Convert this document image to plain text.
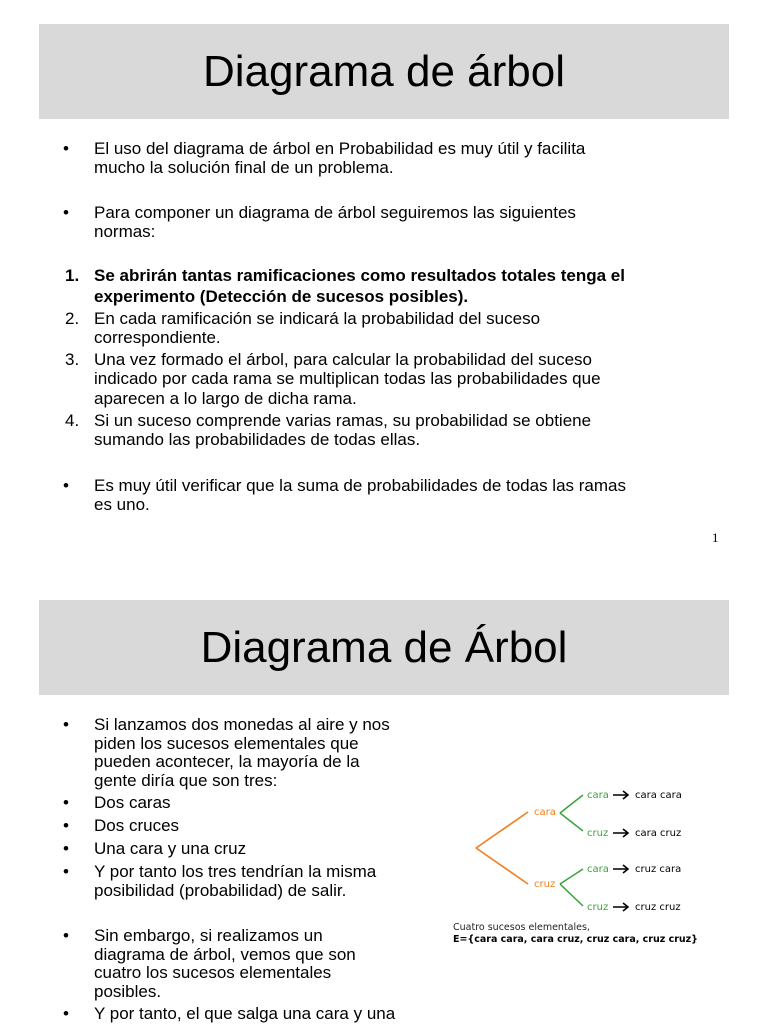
Diagrama de árbol
• El uso del diagrama de árbol en Probabilidad es muy útil y facilita
mucho la solución final de un problema.
• Para componer un diagrama de árbol seguiremos las siguientes
normas:
1. Se abrirán tantas ramificaciones como resultados totales tenga el
experimento (Detección de sucesos posibles).
2. En cada ramificación se indicará la probabilidad del suceso
correspondiente.
3. Una vez formado el árbol, para calcular la probabilidad del suceso
indicado por cada rama se multiplican todas las probabilidades que
aparecen a lo largo de dicha rama.
4. Si un suceso comprende varias ramas, su probabilidad se obtiene
sumando las probabilidades de todas ellas.
• Es muy útil verificar que la suma de probabilidades de todas las ramas
es uno.
1
Diagrama de Árbol
• Si lanzamos dos monedas al aire y nos
piden los sucesos elementales que
pueden acontecer, la mayoría de la
gente diría que son tres:
• Dos caras
• Dos cruces
• Una cara y una cruz
• Y por tanto los tres tendrían la misma
posibilidad (probabilidad) de salir.
• Sin embargo, si realizamos un
diagrama de árbol, vemos que son
cuatro los sucesos elementales
posibles.
• Y por tanto, el que salga una cara y una
cara
cruz
cara
cruz
cara
cruz
cara cara
cara cruz
cruz cara
cruz cruz
Cuatro sucesos elementales,
E={cara cara, cara cruz, cruz cara, cruz cruz}
